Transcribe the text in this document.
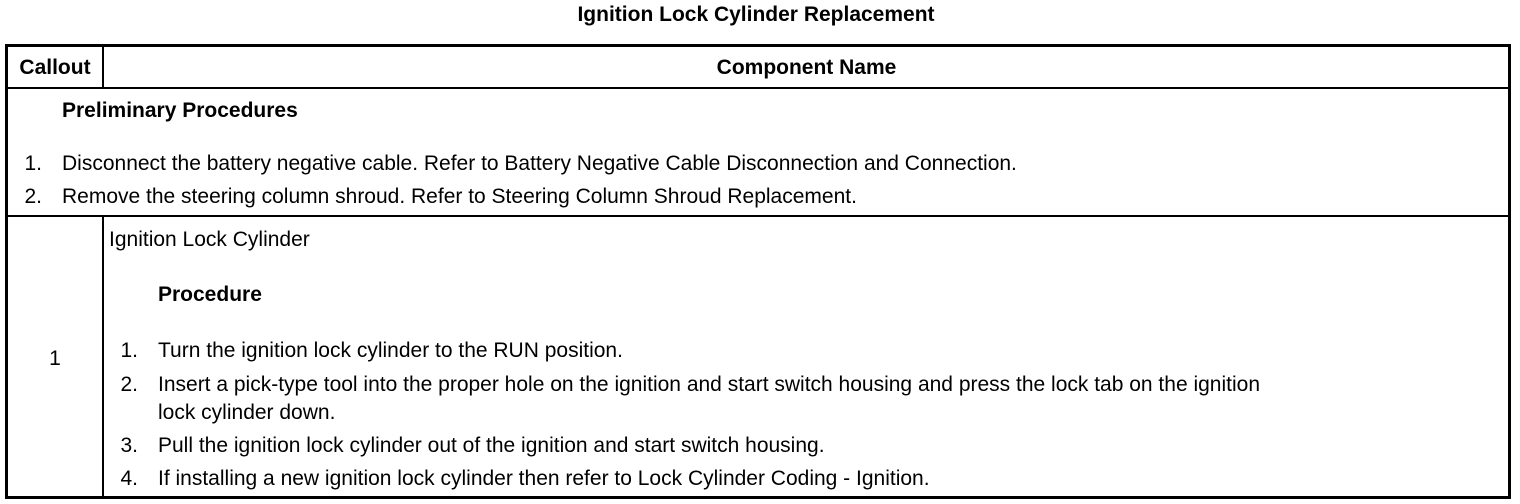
Ignition Lock Cylinder Replacement
Callout	Component Name
Preliminary Procedures
1. Disconnect the battery negative cable. Refer to Battery Negative Cable Disconnection and Connection.
2. Remove the steering column shroud. Refer to Steering Column Shroud Replacement.
1
Ignition Lock Cylinder
Procedure
1. Turn the ignition lock cylinder to the RUN position.
2. Insert a pick-type tool into the proper hole on the ignition and start switch housing and press the lock tab on the ignition
lock cylinder down.
3. Pull the ignition lock cylinder out of the ignition and start switch housing.
4. If installing a new ignition lock cylinder then refer to Lock Cylinder Coding - Ignition.
